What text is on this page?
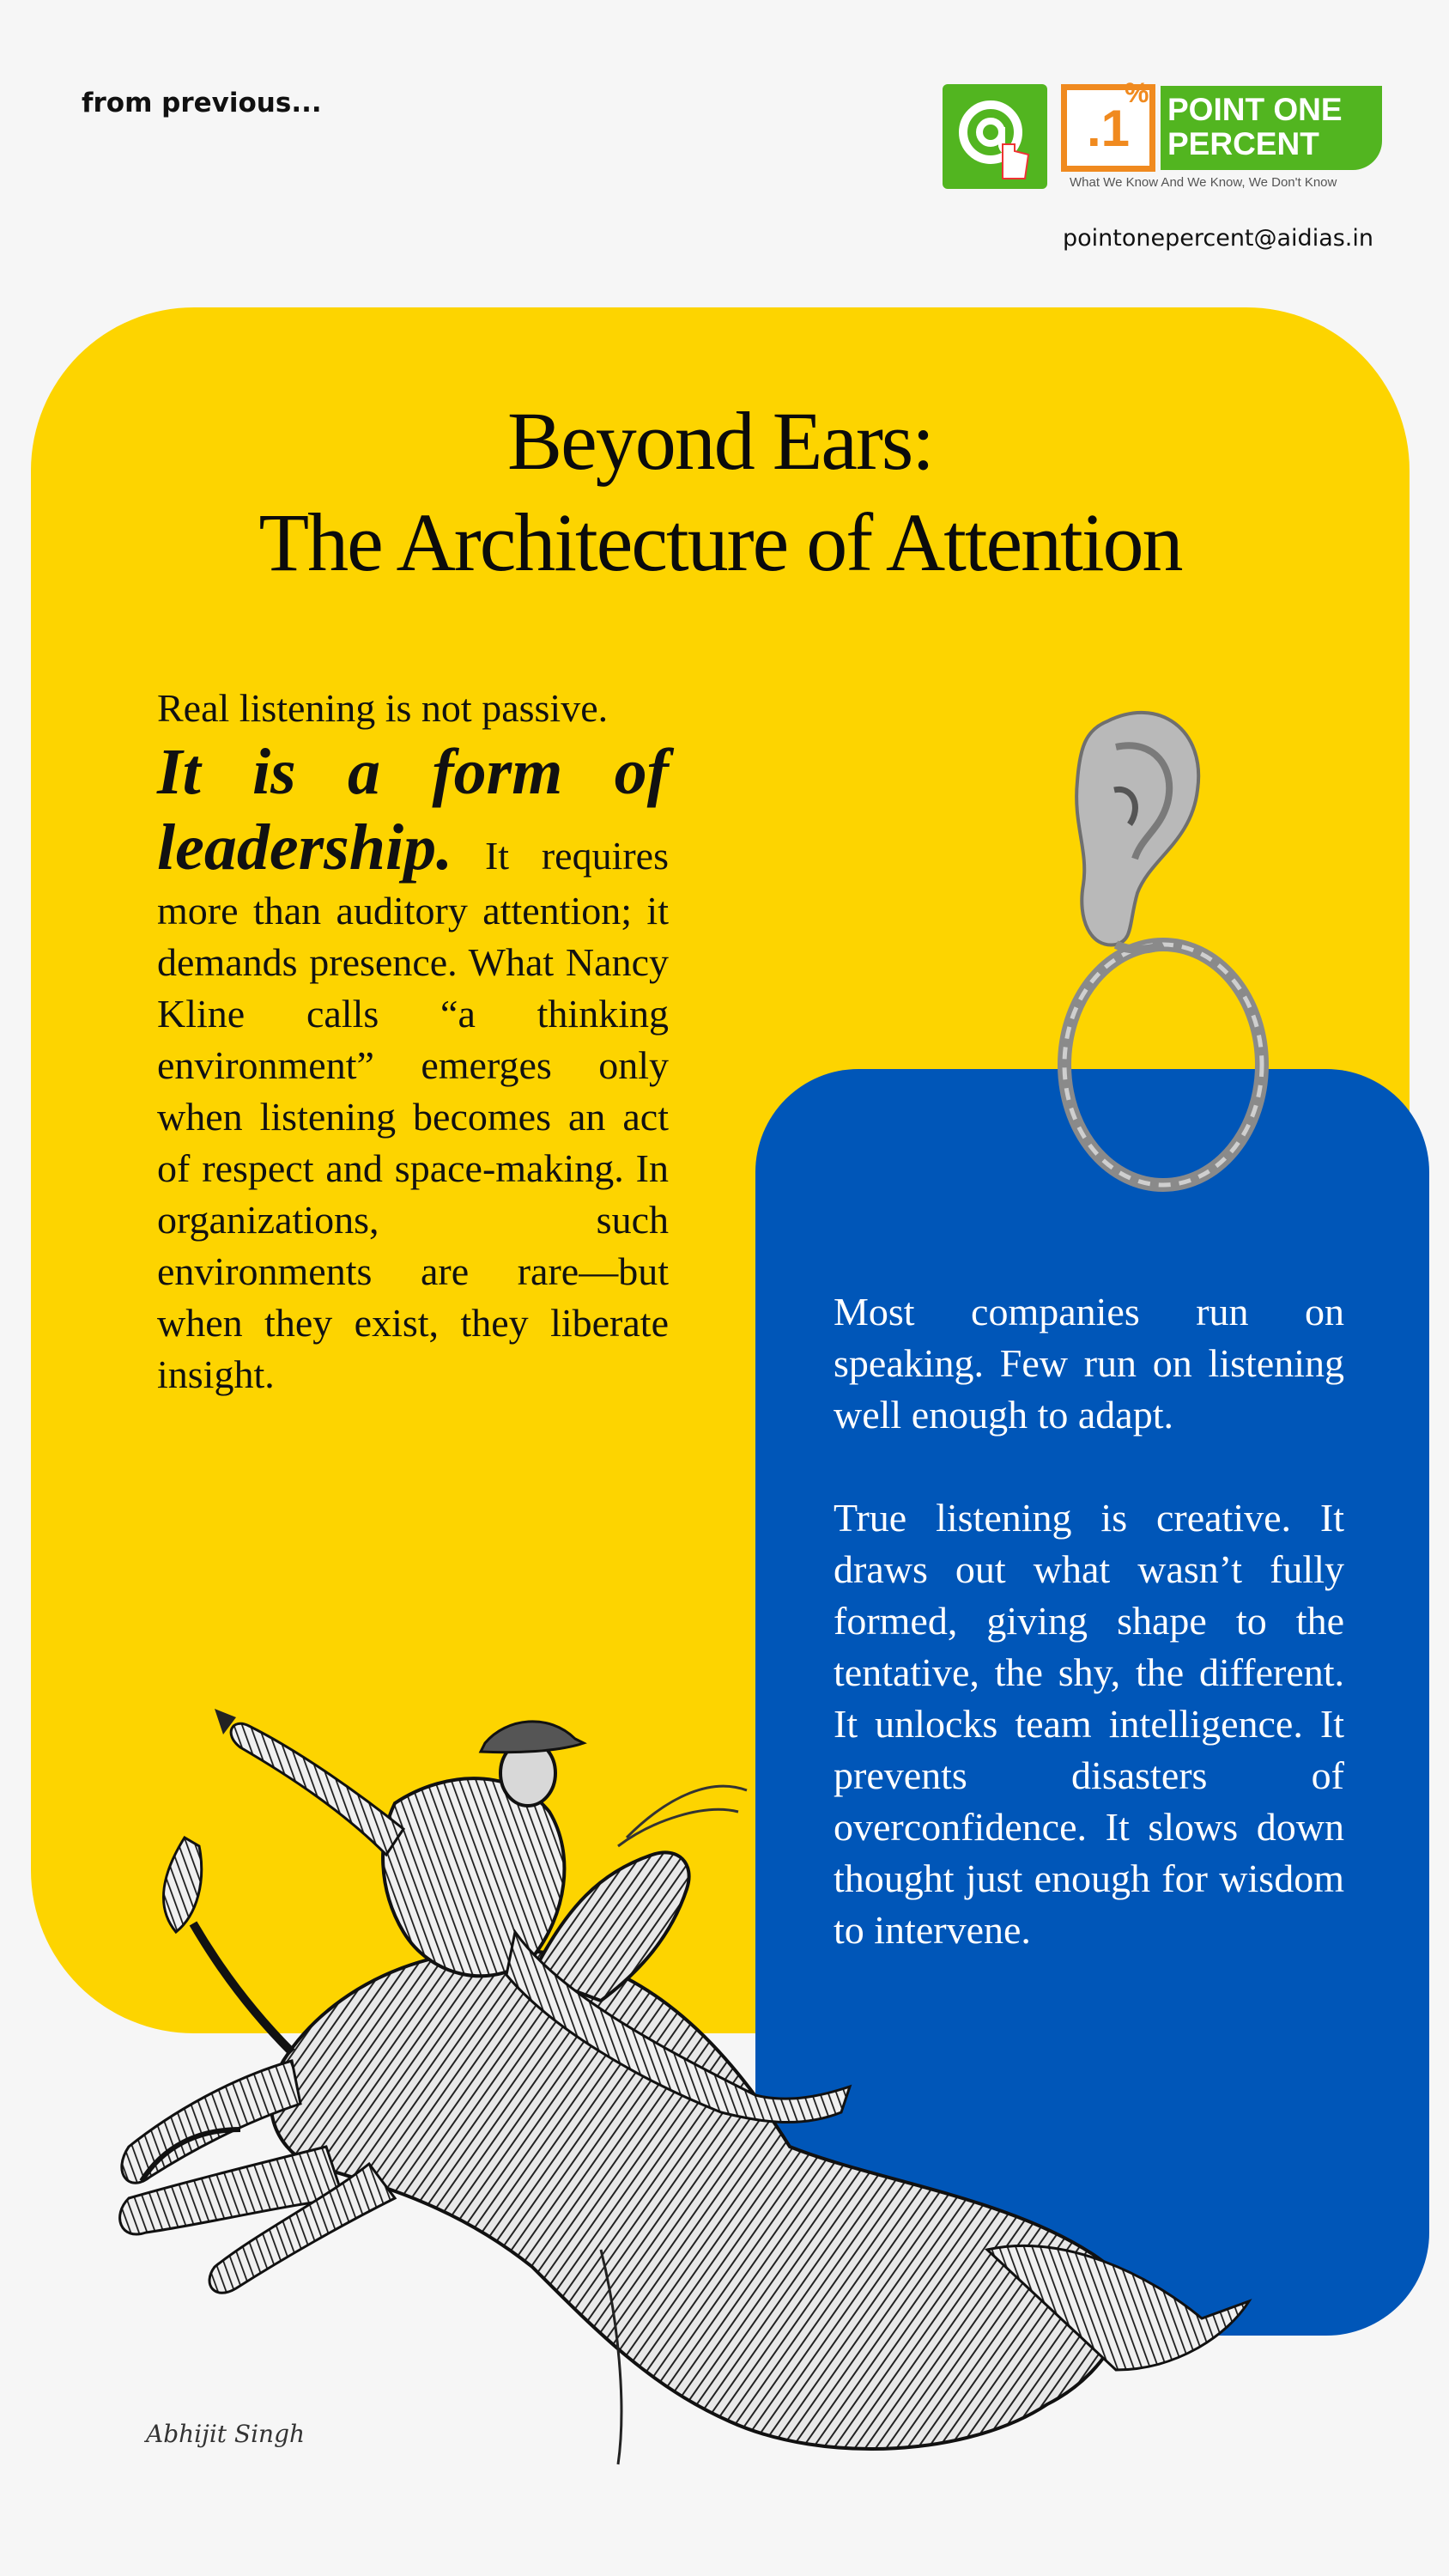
from previous...	.1
% POINT ONE PERCENT
What We Know And We Know, We Don't Know
pointonepercent@aidias.in
Beyond Ears:
The Architecture of Attention
Real listening is not passive.
It is a form of leadership. It requires more than auditory attention; it demands presence. What Nancy Kline calls “a thinking environment” emerges only when listening becomes an act of respect and space-making. In organizations, such environments are rare—but when they exist, they liberate insight.

Most companies run on speaking. Few run on listening well enough to adapt.

True listening is creative. It draws out what wasn’t fully formed, giving shape to the tentative, the shy, the different. It unlocks team intelligence. It prevents disasters of overconfidence. It slows down thought just enough for wisdom to intervene.

Abhijit Singh
